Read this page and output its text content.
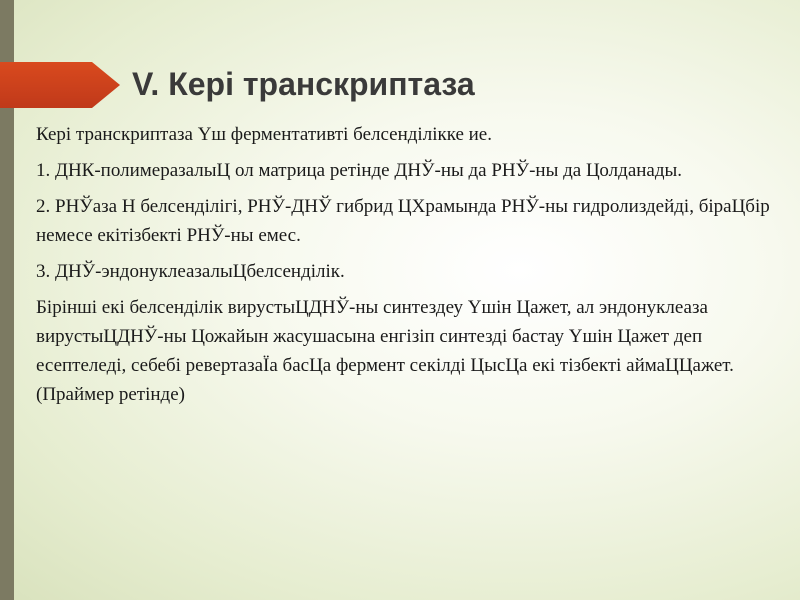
V. Кері транскриптаза

Кері транскриптаза Үш ферментативті белсенділікке ие.

1. ДНК-полимеразалыЦ ол матрица ретінде ДНЎ-ны да РНЎ-ны да Цолданады.

2. РНЎаза Н белсенділігі, РНЎ-ДНЎ гибрид ЦХрамында РНЎ-ны гидролиздейді, біраЦбір немесе екітізбекті РНЎ-ны емес.

3. ДНЎ-эндонуклеазалыЦбелсенділік.

Бірінші екі белсенділік вирустыЦДНЎ-ны синтездеу Үшін Цажет, ал эндонуклеаза вирустыЦДНЎ-ны Цожайын жасушасына енгізіп синтезді бастау Үшін Цажет деп есептеледі, себебі ревертазаЇа басЦа фермент секілді ЦысЦа екі тізбекті аймаЦЦажет. (Праймер ретінде)
